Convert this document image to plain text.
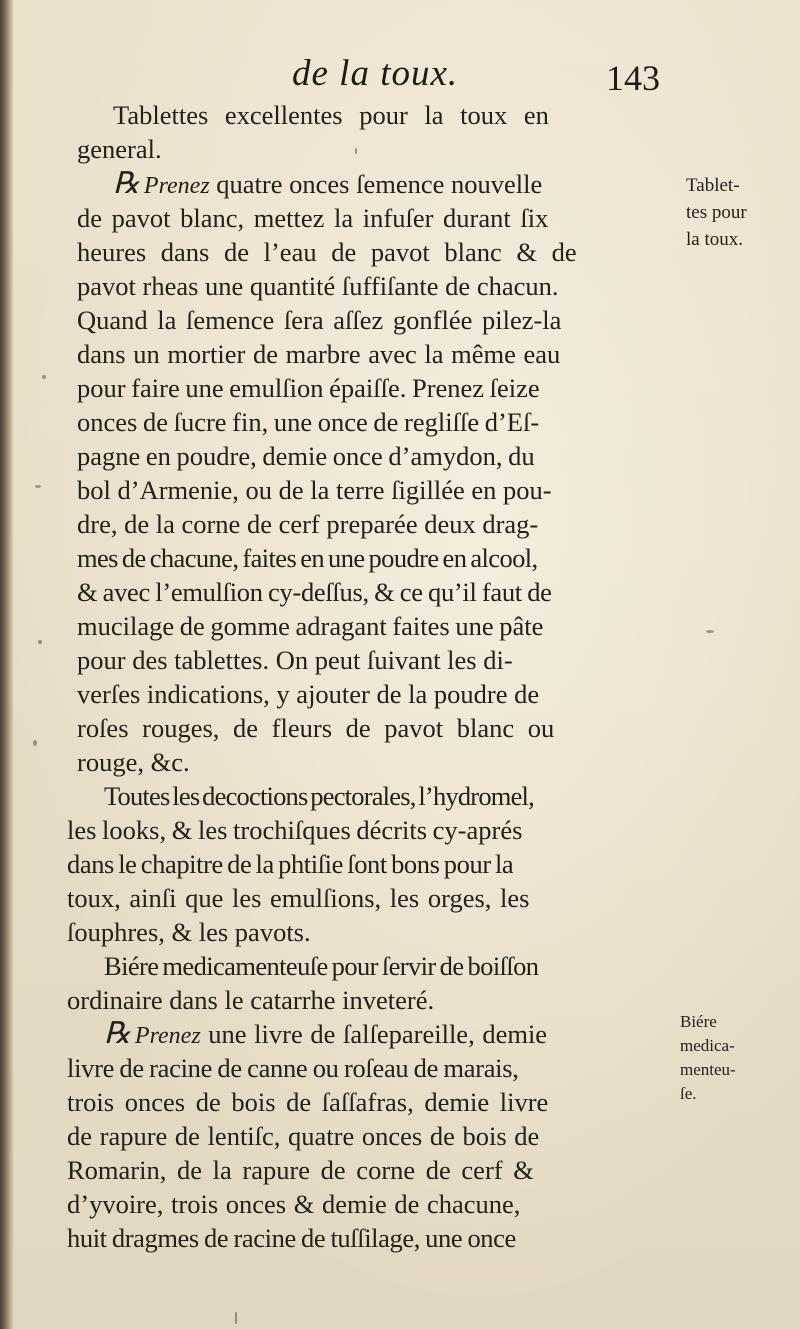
de la toux.	143
Tablettes excellentes pour la toux en
general.
℞ Prenez quatre onces ſemence nouvelle
de pavot blanc, mettez la infuſer durant ſix
heures dans de l’eau de pavot blanc & de
pavot rheas une quantité ſuffiſante de chacun.
Quand la ſemence ſera aſſez gonflée pilez-la
dans un mortier de marbre avec la même eau
pour faire une emulſion épaiſſe. Prenez ſeize
onces de ſucre fin, une once de regliſſe d’Eſ-
pagne en poudre, demie once d’amydon, du
bol d’Armenie, ou de la terre ſigillée en pou-
dre, de la corne de cerf preparée deux drag-
mes de chacune, faites en une poudre en alcool,
& avec l’emulſion cy-deſſus, & ce qu’il faut de
mucilage de gomme adragant faites une pâte
pour des tablettes. On peut ſuivant les di-
verſes indications, y ajouter de la poudre de
roſes rouges, de fleurs de pavot blanc ou
rouge, &c.
Toutes les decoctions pectorales, l’hydromel,
les looks, & les trochiſques décrits cy-aprés
dans le chapitre de la phtiſie ſont bons pour la
toux, ainſi que les emulſions, les orges, les
ſouphres, & les pavots.
Biére medicamenteuſe pour ſervir de boiſſon
ordinaire dans le catarrhe inveteré.
℞ Prenez une livre de ſalſepareille, demie
livre de racine de canne ou roſeau de marais,
trois onces de bois de ſaſſafras, demie livre
de rapure de lentiſc, quatre onces de bois de
Romarin, de la rapure de corne de cerf &
d’yvoire, trois onces & demie de chacune,
huit dragmes de racine de tuſſilage, une once
Tablet-
tes pour
la toux.
Biére
medica-
menteu-
ſe.
